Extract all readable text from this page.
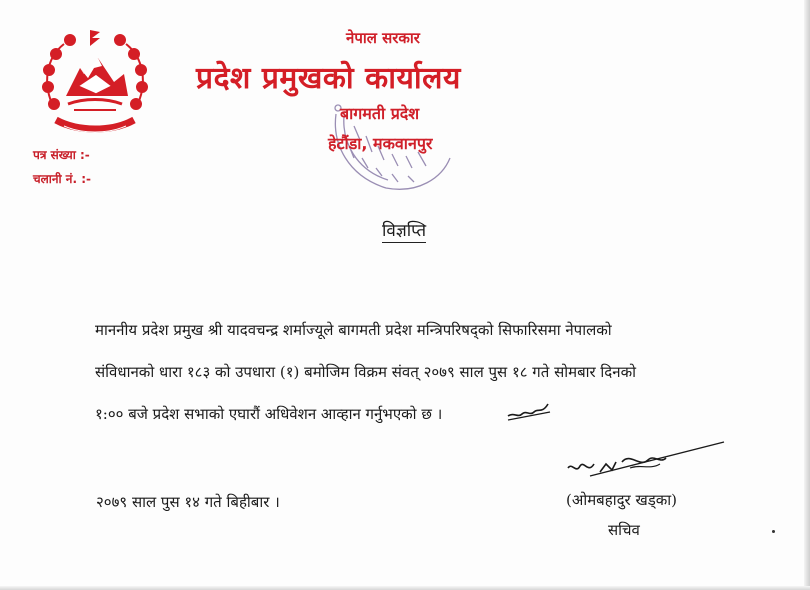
नेपाल सरकार
प्रदेश प्रमुखको कार्यालय
बागमती प्रदेश
हेटौंडा, मकवानपुर
पत्र संख्या :-
चलानी नं. :-
विज्ञप्ति
माननीय प्रदेश प्रमुख श्री यादवचन्द्र शर्माज्यूले बागमती प्रदेश मन्त्रिपरिषद्‌को सिफारिसमा नेपालको
संविधानको धारा १८३ को उपधारा (१) बमोजिम विक्रम संवत्‌ २०७९ साल पुस १८ गते सोमबार दिनको
१:०० बजे प्रदेश सभाको एघारौं अधिवेशन आव्हान गर्नुभएको छ ।
२०७९ साल पुस १४ गते बिहीबार ।	(ओमबहादुर खड्का)
सचिव
